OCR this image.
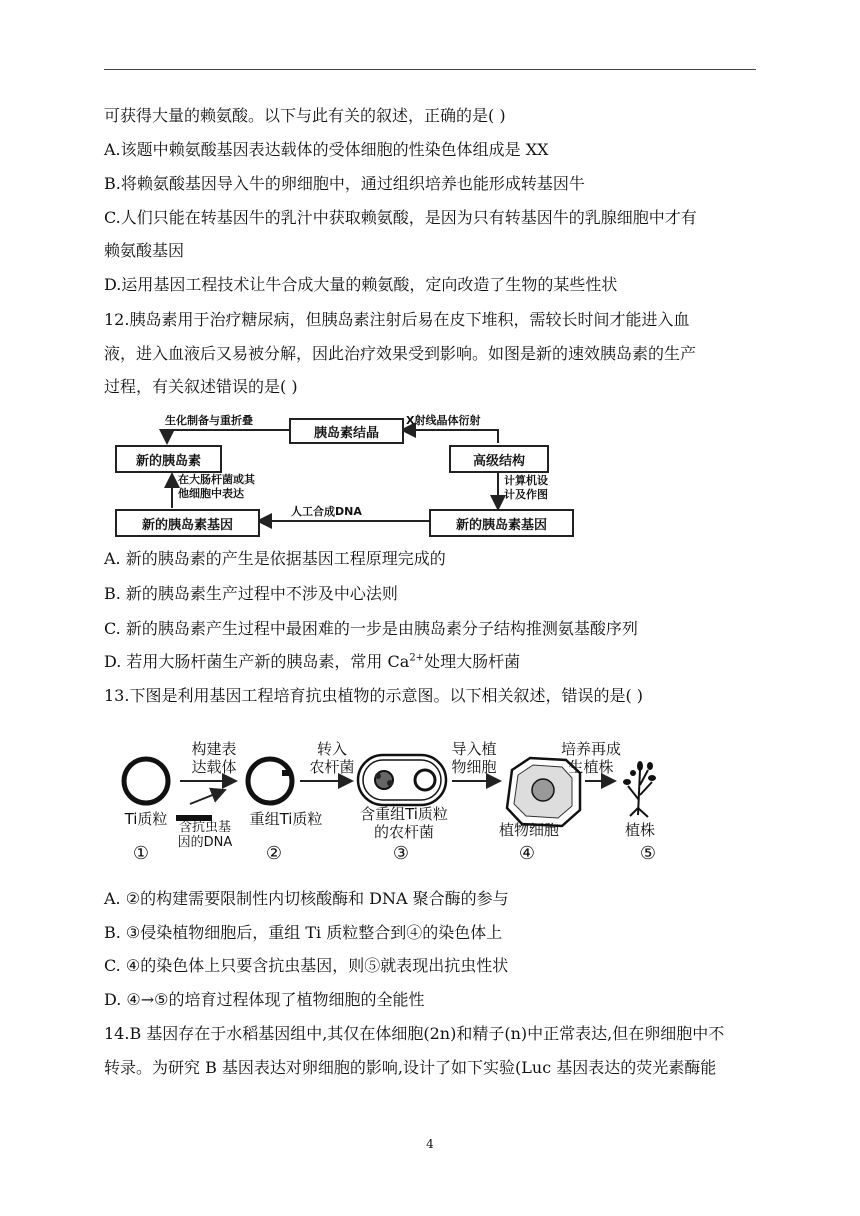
可获得大量的赖氨酸。以下与此有关的叙述，正确的是( )
A.该题中赖氨酸基因表达载体的受体细胞的性染色体组成是 XX
B.将赖氨酸基因导入牛的卵细胞中，通过组织培养也能形成转基因牛
C.人们只能在转基因牛的乳汁中获取赖氨酸，是因为只有转基因牛的乳腺细胞中才有
赖氨酸基因
D.运用基因工程技术让牛合成大量的赖氨酸，定向改造了生物的某些性状
12.胰岛素用于治疗糖尿病，但胰岛素注射后易在皮下堆积，需较长时间才能进入血
液，进入血液后又易被分解，因此治疗效果受到影响。如图是新的速效胰岛素的生产
过程，有关叙述错误的是( )
胰岛素结晶
新的胰岛素	高级结构
新的胰岛素基因	新的胰岛素基因
生化制备与重折叠	X射线晶体衍射
在大肠杆菌或其
他细胞中表达
计算机设
计及作图
人工合成DNA
A. 新的胰岛素的产生是依据基因工程原理完成的
B. 新的胰岛素生产过程中不涉及中心法则
C. 新的胰岛素产生过程中最困难的一步是由胰岛素分子结构推测氨基酸序列
D. 若用大肠杆菌生产新的胰岛素，常用 $Ca^{2+}$处理大肠杆菌
13.下图是利用基因工程培育抗虫植物的示意图。以下相关叙述，错误的是( )
构建表
达载体
转入
农杆菌
导入植
物细胞
培养再成
生植株
Ti质粒 含抗虫基
因的DNA
重组Ti质粒	含重组Ti质粒
的农杆菌	植物细胞	植株
①	②	③	④	⑤
A. ②的构建需要限制性内切核酸酶和 DNA 聚合酶的参与
B. ③侵染植物细胞后，重组 Ti 质粒整合到④的染色体上
C. ④的染色体上只要含抗虫基因，则⑤就表现出抗虫性状
D. ④→⑤的培育过程体现了植物细胞的全能性
14.B 基因存在于水稻基因组中,其仅在体细胞(2n)和精子(n)中正常表达,但在卵细胞中不
转录。为研究 B 基因表达对卵细胞的影响,设计了如下实验(Luc 基因表达的荧光素酶能
4
